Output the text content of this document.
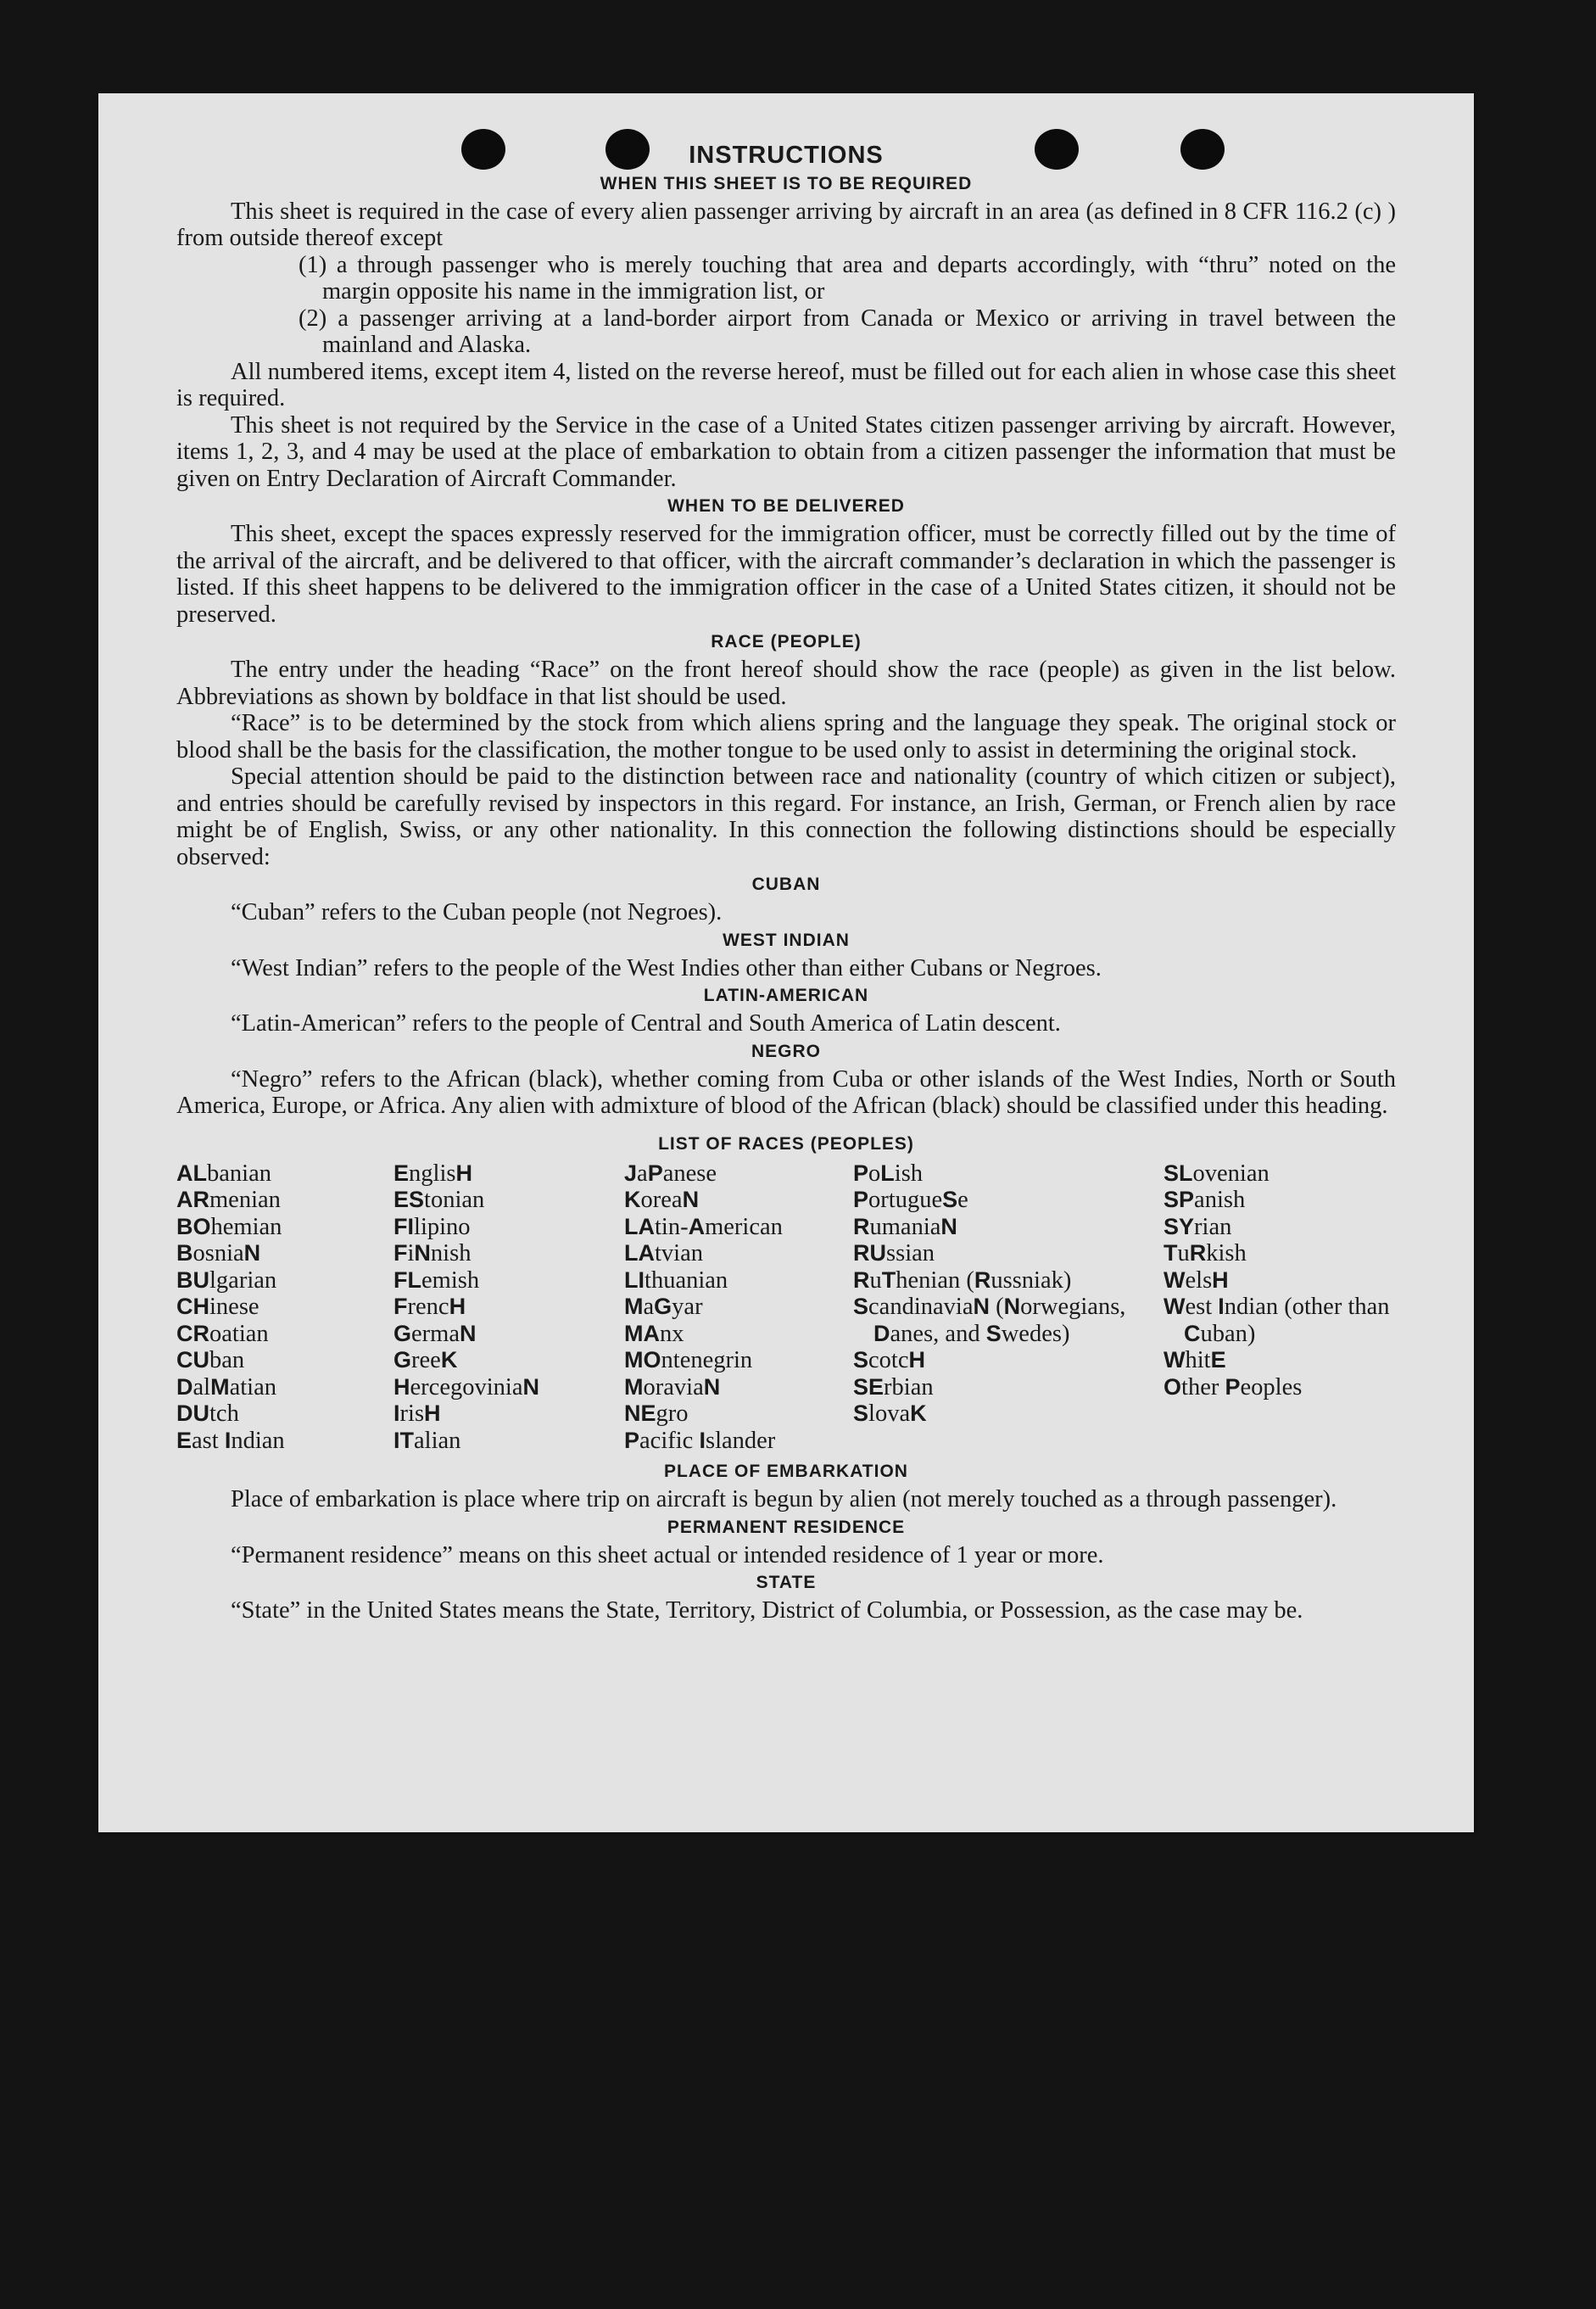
INSTRUCTIONS
WHEN THIS SHEET IS TO BE REQUIRED

This sheet is required in the case of every alien passenger arriving by aircraft in an area (as defined in 8 CFR 116.2 (c) ) from outside thereof except

(1) a through passenger who is merely touching that area and departs accordingly, with “thru” noted on the margin opposite his name in the immigration list, or
(2) a passenger arriving at a land-border airport from Canada or Mexico or arriving in travel between the mainland and Alaska.

All numbered items, except item 4, listed on the reverse hereof, must be filled out for each alien in whose case this sheet is required.

This sheet is not required by the Service in the case of a United States citizen passenger arriving by aircraft. However, items 1, 2, 3, and 4 may be used at the place of embarkation to obtain from a citizen passenger the information that must be given on Entry Declaration of Aircraft Commander.

WHEN TO BE DELIVERED

This sheet, except the spaces expressly reserved for the immigration officer, must be correctly filled out by the time of the arrival of the aircraft, and be delivered to that officer, with the aircraft commander’s declaration in which the passenger is listed. If this sheet happens to be delivered to the immigration officer in the case of a United States citizen, it should not be preserved.

RACE (PEOPLE)

The entry under the heading “Race” on the front hereof should show the race (people) as given in the list below. Abbreviations as shown by boldface in that list should be used.

“Race” is to be determined by the stock from which aliens spring and the language they speak. The original stock or blood shall be the basis for the classification, the mother tongue to be used only to assist in determining the original stock.

Special attention should be paid to the distinction between race and nationality (country of which citizen or subject), and entries should be carefully revised by inspectors in this regard. For instance, an Irish, German, or French alien by race might be of English, Swiss, or any other nationality. In this connection the following distinctions should be especially observed:

CUBAN

“Cuban” refers to the Cuban people (not Negroes).

WEST INDIAN

“West Indian” refers to the people of the West Indies other than either Cubans or Negroes.

LATIN-AMERICAN

“Latin-American” refers to the people of Central and South America of Latin descent.

NEGRO

“Negro” refers to the African (black), whether coming from Cuba or other islands of the West Indies, North or South America, Europe, or Africa. Any alien with admixture of blood of the African (black) should be classified under this heading.

LIST OF RACES (PEOPLES)
ALbanian
ARmenian
BOhemian
BosniaN
BUlgarian
CHinese
CRoatian
CUban
DalMatian
DUtch
East Indian
EnglisH
EStonian
FIlipino
FiNnish
FLemish
FrencH
GermaN
GreeK
HercegoviniaN
IrisH
ITalian
JaPanese
KoreaN
LAtin-American
LAtvian
LIthuanian
MaGyar
MAnx
MOntenegrin
MoraviaN
NEgro
Pacific Islander
PoLish
PortugueSe
RumaniaN
RUssian
RuThenian (Russniak)
ScandinaviaN (Norwegians, Danes, and Swedes)
ScotcH
SErbian
SlovaK
SLovenian
SPanish
SYrian
TuRkish
WelsH
West Indian (other than Cuban)
WhitE
Other Peoples
PLACE OF EMBARKATION

Place of embarkation is place where trip on aircraft is begun by alien (not merely touched as a through passenger).

PERMANENT RESIDENCE

“Permanent residence” means on this sheet actual or intended residence of 1 year or more.

STATE

“State” in the United States means the State, Territory, District of Columbia, or Possession, as the case may be.
